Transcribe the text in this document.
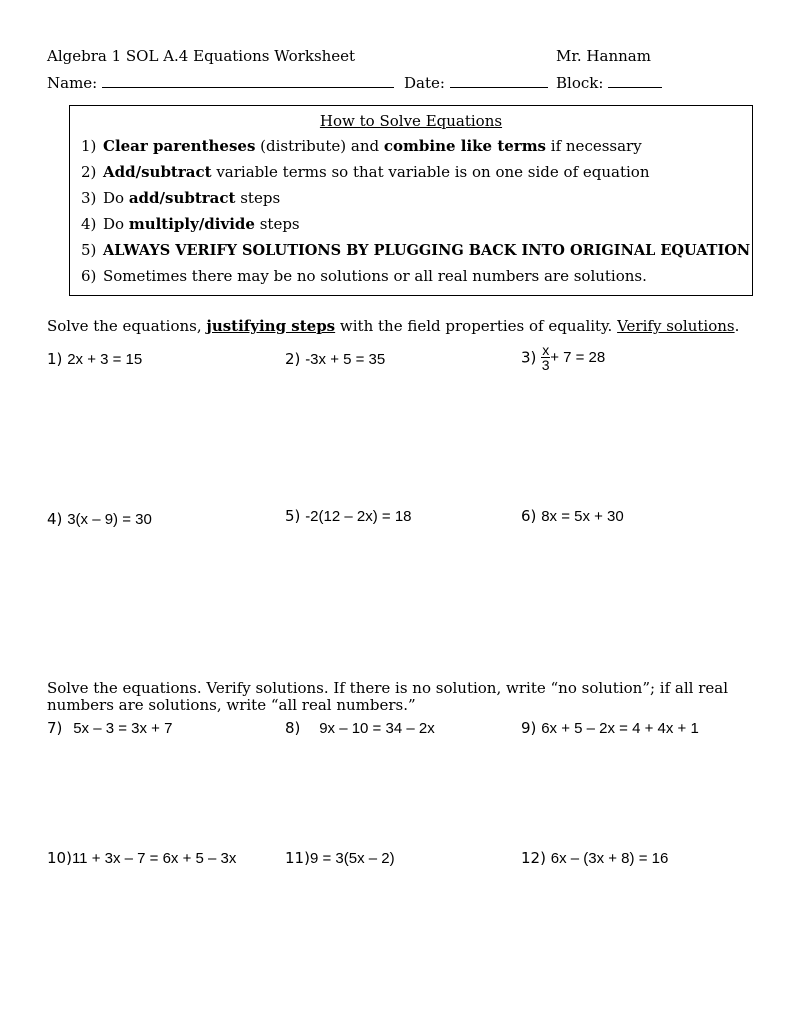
Algebra 1 SOL A.4 Equations Worksheet	Mr. Hannam
Name:	Date:	Block:
How to Solve Equations
1) Clear parentheses (distribute) and combine like terms if necessary
2) Add/subtract variable terms so that variable is on one side of equation
3) Do add/subtract steps
4) Do multiply/divide steps
5) ALWAYS VERIFY SOLUTIONS BY PLUGGING BACK INTO ORIGINAL EQUATION
6) Sometimes there may be no solutions or all real numbers are solutions.
Solve the equations, justifying steps with the field properties of equality. Verify solutions.
1) 2x + 3 = 15	2) -3x + 5 = 35	$3) \frac{x}{3} + 7 = 28$
4) 3(x – 9) = 30	5) -2(12 – 2x) = 18	6) 8x = 5x + 30
Solve the equations. Verify solutions. If there is no solution, write “no solution”; if all real numbers are solutions, write “all real numbers.”
7) 5x – 3 = 3x + 7	8) 9x – 10 = 34 – 2x	9) 6x + 5 – 2x = 4 + 4x + 1
10)11 + 3x – 7 = 6x + 5 – 3x	11)9 = 3(5x – 2)	12) 6x – (3x + 8) = 16
